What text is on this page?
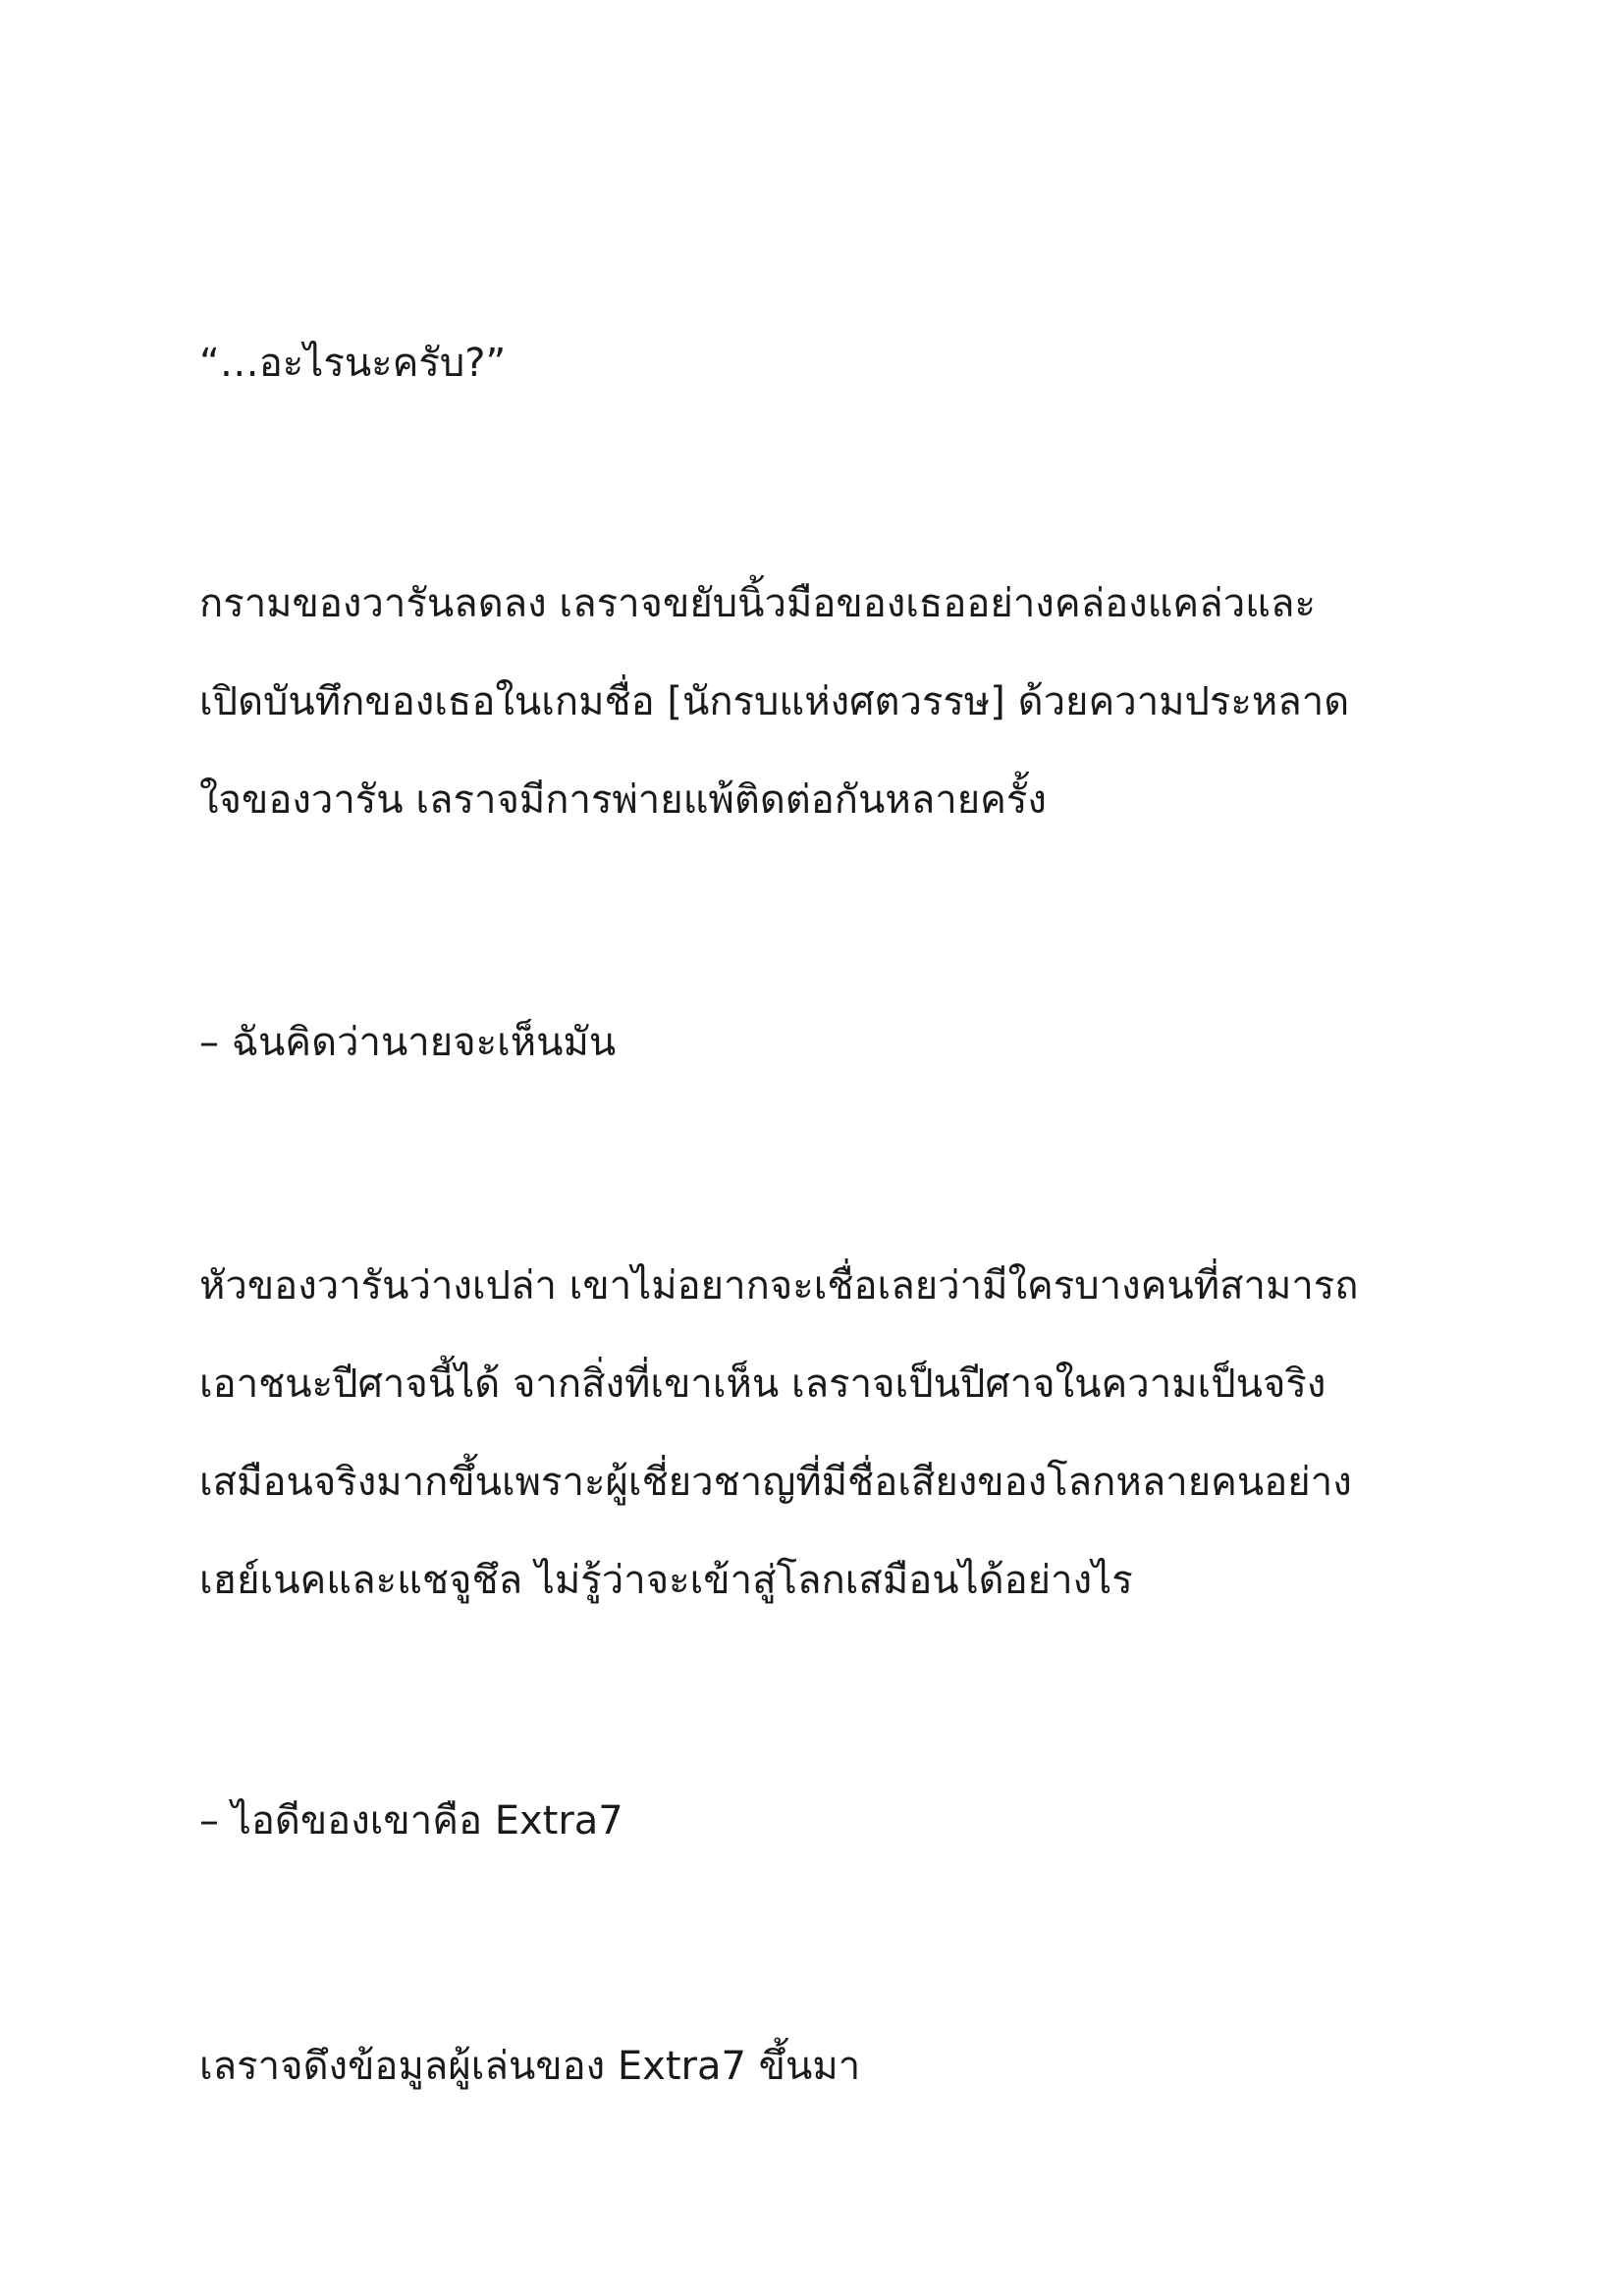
“…อะไรนะครับ?”

กรามของวารันลดลง เลราจขยับนิ้วมือของเธออย่างคล่องแคล่วและ
เปิดบันทึกของเธอในเกมชื่อ [นักรบแห่งศตวรรษ] ด้วยความประหลาด
ใจของวารัน เลราจมีการพ่ายแพ้ติดต่อกันหลายครั้ง

– ฉันคิดว่านายจะเห็นมัน

หัวของวารันว่างเปล่า เขาไม่อยากจะเชื่อเลยว่ามีใครบางคนที่สามารถ
เอาชนะปีศาจนี้ได้ จากสิ่งที่เขาเห็น เลราจเป็นปีศาจในความเป็นจริง
เสมือนจริงมากขึ้นเพราะผู้เชี่ยวชาญที่มีชื่อเสียงของโลกหลายคนอย่าง
เฮย์เนคและแชจูชึล ไม่รู้ว่าจะเข้าสู่โลกเสมือนได้อย่างไร

– ไอดีของเขาคือ Extra7

เลราจดึงข้อมูลผู้เล่นของ Extra7 ขึ้นมา
